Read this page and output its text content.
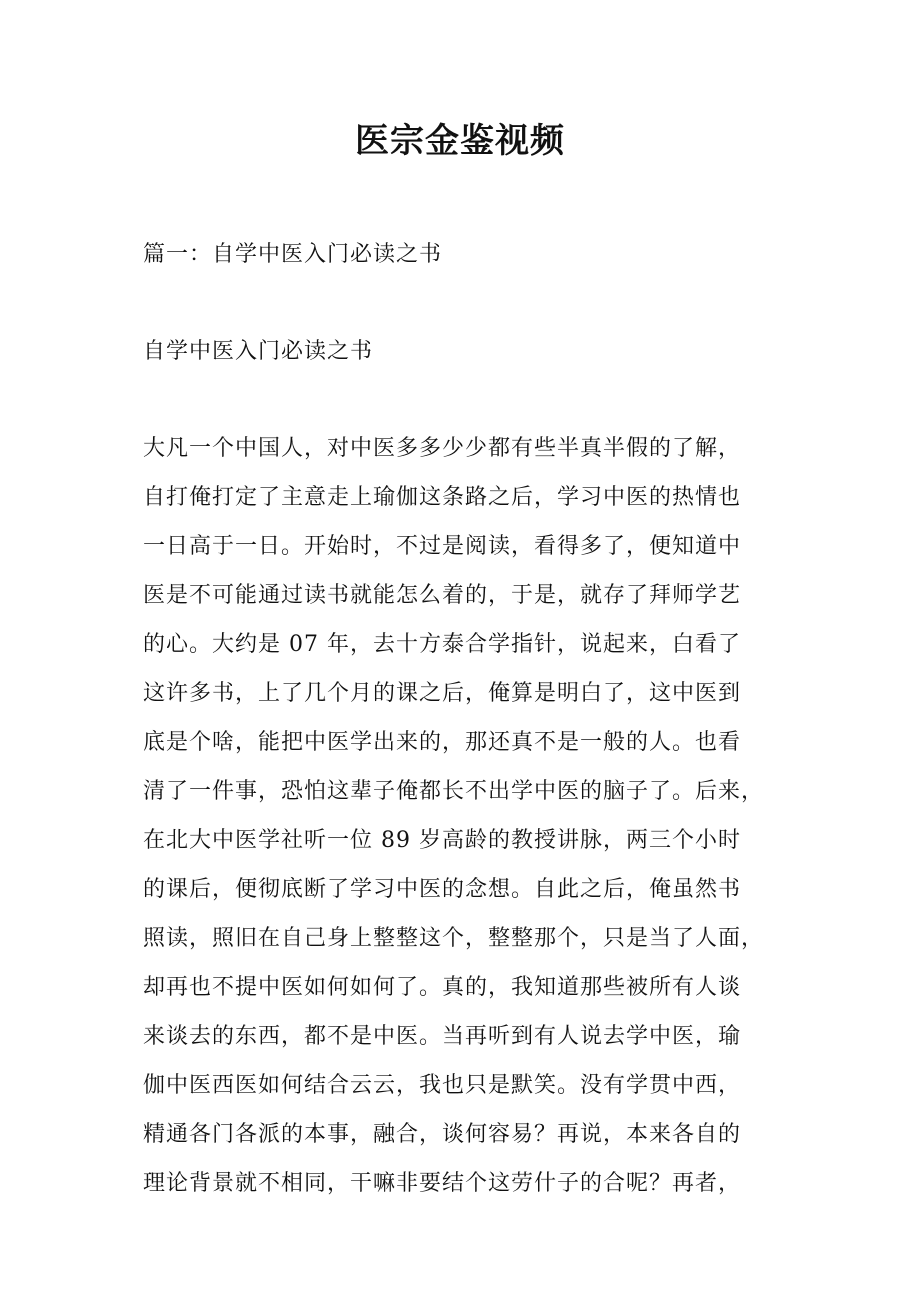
医宗金鉴视频
篇一：自学中医入门必读之书
自学中医入门必读之书
大凡一个中国人，对中医多多少少都有些半真半假的了解，
自打俺打定了主意走上瑜伽这条路之后，学习中医的热情也
一日高于一日。开始时，不过是阅读，看得多了，便知道中
医是不可能通过读书就能怎么着的，于是，就存了拜师学艺
的心。大约是 07 年，去十方泰合学指针，说起来，白看了
这许多书，上了几个月的课之后，俺算是明白了，这中医到
底是个啥，能把中医学出来的，那还真不是一般的人。也看
清了一件事，恐怕这辈子俺都长不出学中医的脑子了。后来，
在北大中医学社听一位 89 岁高龄的教授讲脉，两三个小时
的课后，便彻底断了学习中医的念想。自此之后，俺虽然书
照读，照旧在自己身上整整这个，整整那个，只是当了人面，
却再也不提中医如何如何了。真的，我知道那些被所有人谈
来谈去的东西，都不是中医。当再听到有人说去学中医，瑜
伽中医西医如何结合云云，我也只是默笑。没有学贯中西，
精通各门各派的本事，融合，谈何容易？再说，本来各自的
理论背景就不相同，干嘛非要结个这劳什子的合呢？再者，
